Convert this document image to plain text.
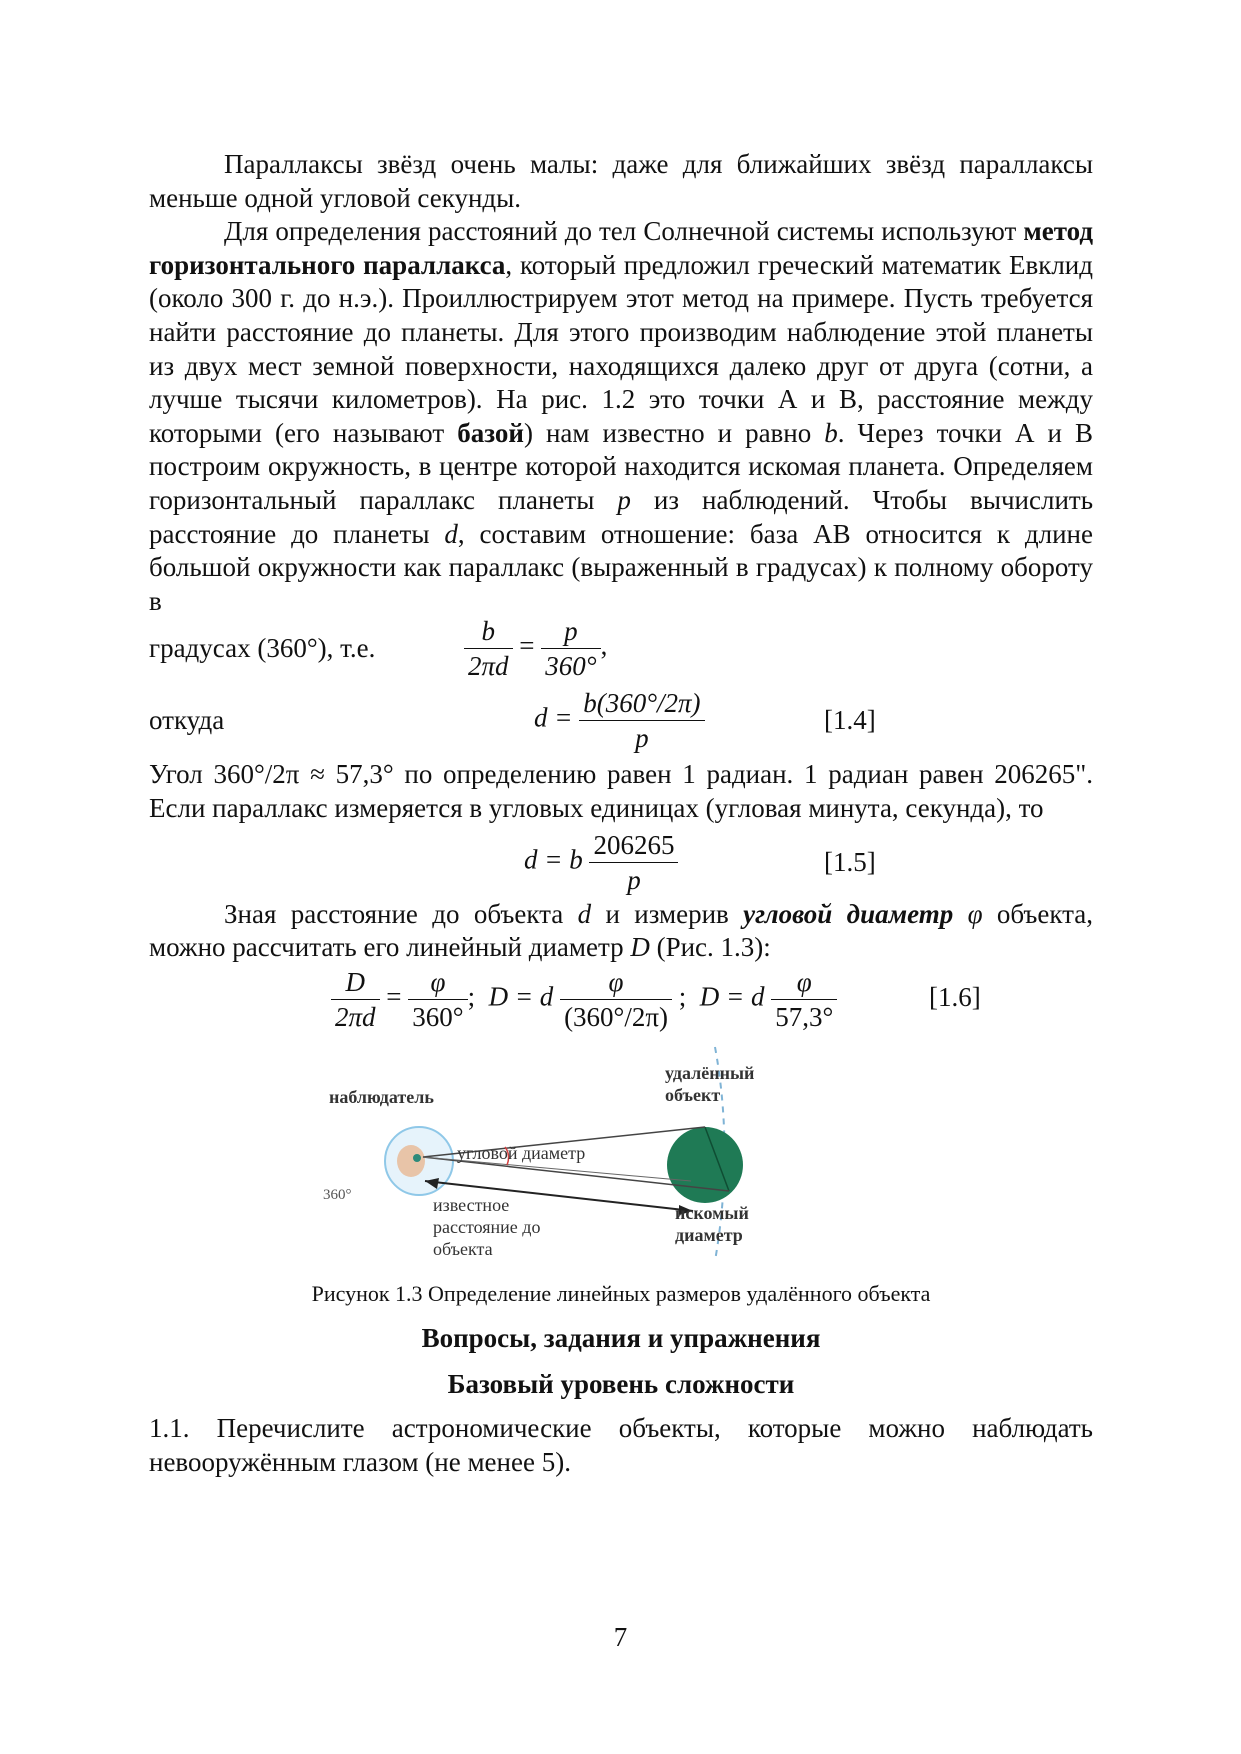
Параллаксы звёзд очень малы: даже для ближайших звёзд параллаксы меньше одной угловой секунды.

Для определения расстояний до тел Солнечной системы используют метод горизонтального параллакса, который предложил греческий математик Евклид (около 300 г. до н.э.). Проиллюстрируем этот метод на примере. Пусть требуется найти расстояние до планеты. Для этого производим наблюдение этой планеты из двух мест земной поверхности, находящихся далеко друг от друга (сотни, а лучше тысячи километров). На рис. 1.2 это точки А и В, расстояние между которыми (его называют базой) нам известно и равно b. Через точки А и В построим окружность, в центре которой находится искомая планета. Определяем горизонтальный параллакс планеты p из наблюдений. Чтобы вычислить расстояние до планеты d, составим отношение: база АВ относится к длине большой окружности как параллакс (выраженный в градусах) к полному обороту в

градусах (360°), т.е.	$\frac{b}{2\pi d} = \frac{p}{360^\circ}$ ,
откуда	$d = \frac{b(360^\circ/2\pi)}{p}$	[1.4]

Угол 360°/2π ≈ 57,3° по определению равен 1 радиан. 1 радиан равен 206265". Если параллакс измеряется в угловых единицах (угловая минута, секунда), то

d = b $\frac{206265}{p}$	[1.5]

Зная расстояние до объекта d и измерив угловой диаметр φ объекта, можно рассчитать его линейный диаметр D (Рис. 1.3):

$\frac{D}{2\pi d} = \frac{\varphi}{360^\circ}$ ; D = d $\frac{\varphi}{(360^\circ/2\pi)}$ ; D = d $\frac{\varphi}{57,3^\circ}$	[1.6]
наблюдатель
удалённый
объект
угловой диаметр
360°	известное
расстояние до
объекта
искомый
диаметр
Рисунок 1.3 Определение линейных размеров удалённого объекта
Вопросы, задания и упражнения
Базовый уровень сложности

1.1. Перечислите астрономические объекты, которые можно наблюдать невооружённым глазом (не менее 5).

7
